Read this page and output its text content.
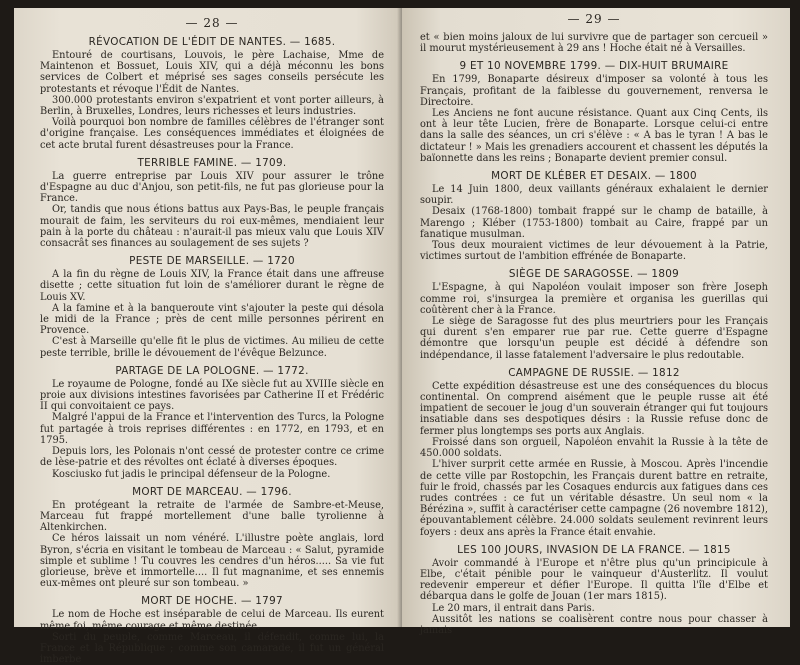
— 28 —
RÉVOCATION DE L'ÉDIT DE NANTES. — 1685.

Entouré de courtisans, Louvois, le père Lachaise, Mme de Maintenon et Bossuet, Louis XIV, qui a déjà méconnu les bons services de Colbert et méprisé ses sages conseils persécute les protestants et révoque l'Édit de Nantes.

300.000 protestants environ s'expatrient et vont porter ailleurs, à Berlin, à Bruxelles, Londres, leurs richesses et leurs industries.

Voilà pourquoi bon nombre de familles célèbres de l'étranger sont d'origine française. Les conséquences immédiates et éloignées de cet acte brutal furent désastreuses pour la France.

TERRIBLE FAMINE. — 1709.

La guerre entreprise par Louis XIV pour assurer le trône d'Espagne au duc d'Anjou, son petit-fils, ne fut pas glorieuse pour la France.

Or, tandis que nous étions battus aux Pays-Bas, le peuple français mourait de faim, les serviteurs du roi eux-mêmes, mendiaient leur pain à la porte du château : n'aurait-il pas mieux valu que Louis XIV consacrât ses finances au soulagement de ses sujets ?

PESTE DE MARSEILLE. — 1720

A la fin du règne de Louis XIV, la France était dans une affreuse disette ; cette situation fut loin de s'améliorer durant le règne de Louis XV.

A la famine et à la banqueroute vint s'ajouter la peste qui désola le midi de la France ; près de cent mille personnes périrent en Provence.

C'est à Marseille qu'elle fit le plus de victimes. Au milieu de cette peste terrible, brille le dévouement de l'évêque Belzunce.

PARTAGE DE LA POLOGNE. — 1772.

Le royaume de Pologne, fondé au IXe siècle fut au XVIIIe siècle en proie aux divisions intestines favorisées par Catherine II et Frédéric II qui convoitaient ce pays.

Malgré l'appui de la France et l'intervention des Turcs, la Pologne fut partagée à trois reprises différentes : en 1772, en 1793, et en 1795.

Depuis lors, les Polonais n'ont cessé de protester contre ce crime de lèse-patrie et des révoltes ont éclaté à diverses époques.

Kosciusko fut jadis le principal défenseur de la Pologne.

MORT DE MARCEAU. — 1796.

En protégeant la retraite de l'armée de Sambre-et-Meuse, Marceau fut frappé mortellement d'une balle tyrolienne à Altenkirchen.

Ce héros laissait un nom vénéré. L'illustre poète anglais, lord Byron, s'écria en visitant le tombeau de Marceau : « Salut, pyramide simple et sublime ! Tu couvres les cendres d'un héros..... Sa vie fut glorieuse, brève et immortelle.... Il fut magnanime, et ses ennemis eux-mêmes ont pleuré sur son tombeau. »

MORT DE HOCHE. — 1797

Le nom de Hoche est inséparable de celui de Marceau. Ils eurent même foi, même courage et même destinée.

Sorti du peuple, comme Marceau, il défendit, comme lui, la France et la République ; comme son camarade, il fut un général imberbe

— 29 —

et « bien moins jaloux de lui survivre que de partager son cercueil » il mourut mystérieusement à 29 ans ! Hoche était né à Versailles.

9 ET 10 NOVEMBRE 1799. — DIX-HUIT BRUMAIRE

En 1799, Bonaparte désireux d'imposer sa volonté à tous les Français, profitant de la faiblesse du gouvernement, renversa le Directoire.

Les Anciens ne font aucune résistance. Quant aux Cinq Cents, ils ont à leur tête Lucien, frère de Bonaparte. Lorsque celui-ci entre dans la salle des séances, un cri s'élève : « A bas le tyran ! A bas le dictateur ! » Mais les grenadiers accourent et chassent les députés la baïonnette dans les reins ; Bonaparte devient premier consul.

MORT DE KLÉBER ET DESAIX. — 1800

Le 14 Juin 1800, deux vaillants généraux exhalaient le dernier soupir.

Desaix (1768-1800) tombait frappé sur le champ de bataille, à Marengo ; Kléber (1753-1800) tombait au Caire, frappé par un fanatique musulman.

Tous deux mouraient victimes de leur dévouement à la Patrie, victimes surtout de l'ambition effrénée de Bonaparte.

SIÈGE DE SARAGOSSE. — 1809

L'Espagne, à qui Napoléon voulait imposer son frère Joseph comme roi, s'insurgea la première et organisa les guerillas qui coûtèrent cher à la France.

Le siège de Saragosse fut des plus meurtriers pour les Français qui durent s'en emparer rue par rue. Cette guerre d'Espagne démontre que lorsqu'un peuple est décidé à défendre son indépendance, il lasse fatalement l'adversaire le plus redoutable.

CAMPAGNE DE RUSSIE. — 1812

Cette expédition désastreuse est une des conséquences du blocus continental. On comprend aisément que le peuple russe ait été impatient de secouer le joug d'un souverain étranger qui fut toujours insatiable dans ses despotiques désirs : la Russie refuse donc de fermer plus longtemps ses ports aux Anglais.

Froissé dans son orgueil, Napoléon envahit la Russie à la tête de 450.000 soldats.

L'hiver surprit cette armée en Russie, à Moscou. Après l'incendie de cette ville par Rostopchin, les Français durent battre en retraite, fuir le froid, chassés par les Cosaques endurcis aux fatigues dans ces rudes contrées : ce fut un véritable désastre. Un seul nom « la Bérézina », suffit à caractériser cette campagne (26 novembre 1812), épouvantablement célèbre. 24.000 soldats seulement revinrent leurs foyers : deux ans après la France était envahie.

LES 100 JOURS, INVASION DE LA FRANCE. — 1815

Avoir commandé à l'Europe et n'être plus qu'un principicule à Elbe, c'était pénible pour le vainqueur d'Austerlitz. Il voulut redevenir empereur et défier l'Europe. Il quitta l'île d'Elbe et débarqua dans le golfe de Jouan (1er mars 1815).

Le 20 mars, il entrait dans Paris.

Aussitôt les nations se coalisèrent contre nous pour chasser à jamais
